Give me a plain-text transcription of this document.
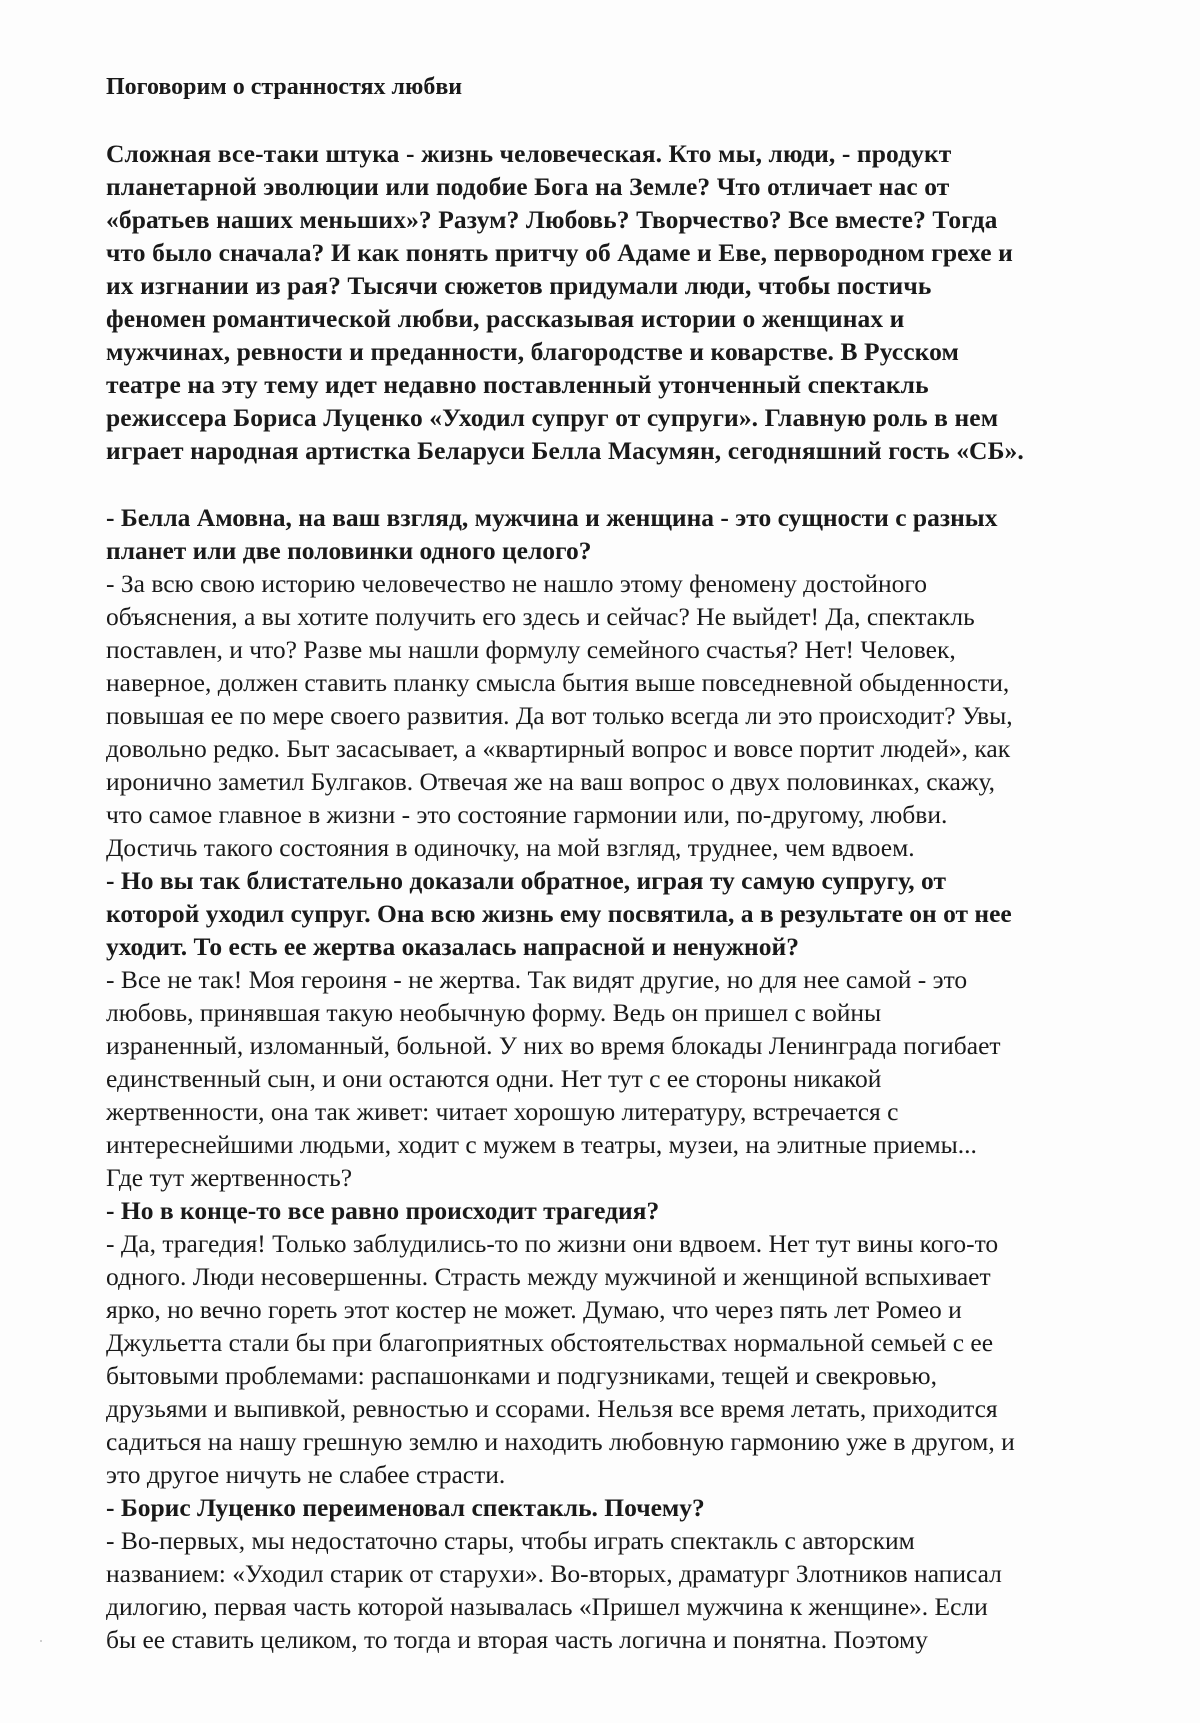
Поговорим о странностях любви
Сложная все-таки штука - жизнь человеческая. Кто мы, люди, - продукт
планетарной эволюции или подобие Бога на Земле? Что отличает нас от
«братьев наших меньших»? Разум? Любовь? Творчество? Все вместе? Тогда
что было сначала? И как понять притчу об Адаме и Еве, первородном грехе и
их изгнании из рая? Тысячи сюжетов придумали люди, чтобы постичь
феномен романтической любви, рассказывая истории о женщинах и
мужчинах, ревности и преданности, благородстве и коварстве. В Русском
театре на эту тему идет недавно поставленный утонченный спектакль
режиссера Бориса Луценко «Уходил супруг от супруги». Главную роль в нем
играет народная артистка Беларуси Белла Масумян, сегодняшний гость «СБ».

- Белла Амовна, на ваш взгляд, мужчина и женщина - это сущности с разных
планет или две половинки одного целого?

- За всю свою историю человечество не нашло этому феномену достойного
объяснения, а вы хотите получить его здесь и сейчас? Не выйдет! Да, спектакль
поставлен, и что? Разве мы нашли формулу семейного счастья? Нет! Человек,
наверное, должен ставить планку смысла бытия выше повседневной обыденности,
повышая ее по мере своего развития. Да вот только всегда ли это происходит? Увы,
довольно редко. Быт засасывает, а «квартирный вопрос и вовсе портит людей», как
иронично заметил Булгаков. Отвечая же на ваш вопрос о двух половинках, скажу,
что самое главное в жизни - это состояние гармонии или, по-другому, любви.
Достичь такого состояния в одиночку, на мой взгляд, труднее, чем вдвоем.

- Но вы так блистательно доказали обратное, играя ту самую супругу, от
которой уходил супруг. Она всю жизнь ему посвятила, а в результате он от нее
уходит. То есть ее жертва оказалась напрасной и ненужной?

- Все не так! Моя героиня - не жертва. Так видят другие, но для нее самой - это
любовь, принявшая такую необычную форму. Ведь он пришел с войны
израненный, изломанный, больной. У них во время блокады Ленинграда погибает
единственный сын, и они остаются одни. Нет тут с ее стороны никакой
жертвенности, она так живет: читает хорошую литературу, встречается с
интереснейшими людьми, ходит с мужем в театры, музеи, на элитные приемы...
Где тут жертвенность?

- Но в конце-то все равно происходит трагедия?

- Да, трагедия! Только заблудились-то по жизни они вдвоем. Нет тут вины кого-то
одного. Люди несовершенны. Страсть между мужчиной и женщиной вспыхивает
ярко, но вечно гореть этот костер не может. Думаю, что через пять лет Ромео и
Джульетта стали бы при благоприятных обстоятельствах нормальной семьей с ее
бытовыми проблемами: распашонками и подгузниками, тещей и свекровью,
друзьями и выпивкой, ревностью и ссорами. Нельзя все время летать, приходится
садиться на нашу грешную землю и находить любовную гармонию уже в другом, и
это другое ничуть не слабее страсти.

- Борис Луценко переименовал спектакль. Почему?

- Во-первых, мы недостаточно стары, чтобы играть спектакль с авторским
названием: «Уходил старик от старухи». Во-вторых, драматург Злотников написал
дилогию, первая часть которой называлась «Пришел мужчина к женщине». Если
бы ее ставить целиком, то тогда и вторая часть логична и понятна. Поэтому
